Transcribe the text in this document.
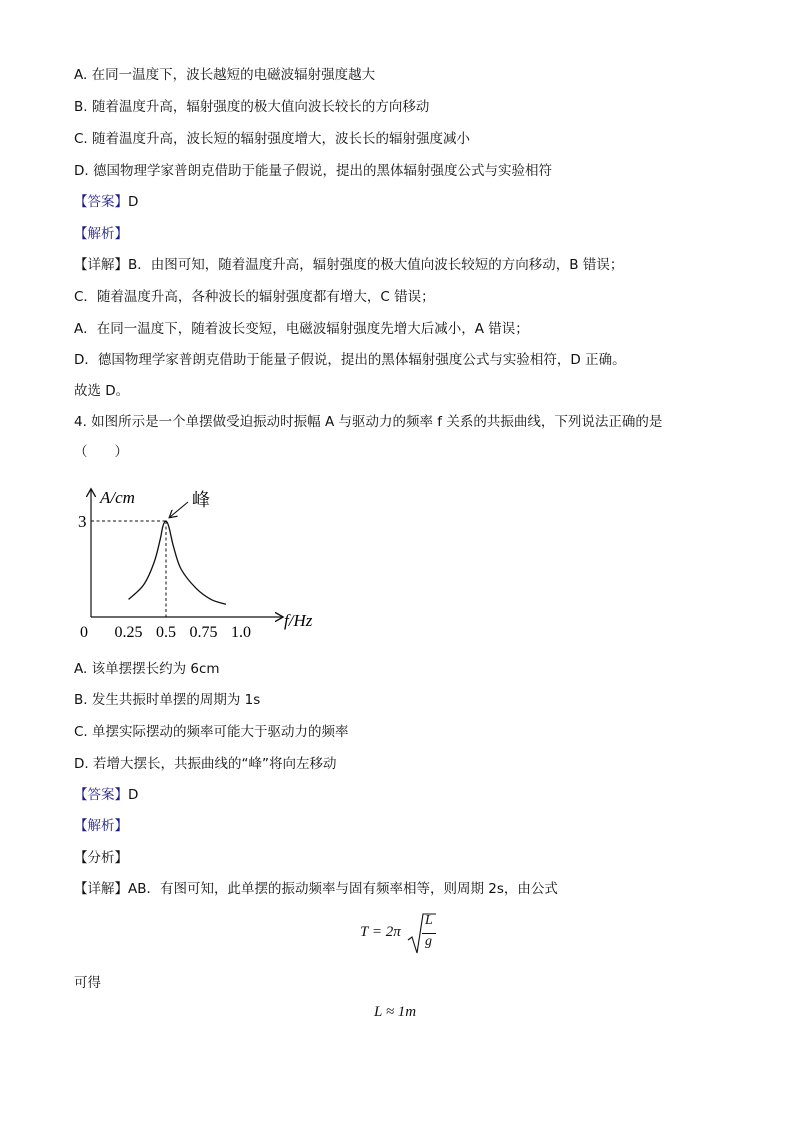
A. 在同一温度下，波长越短的电磁波辐射强度越大
B. 随着温度升高，辐射强度的极大值向波长较长的方向移动
C. 随着温度升高，波长短的辐射强度增大，波长长的辐射强度减小
D. 德国物理学家普朗克借助于能量子假说，提出的黑体辐射强度公式与实验相符
【答案】D
【解析】
【详解】B．由图可知，随着温度升高，辐射强度的极大值向波长较短的方向移动，B 错误；
C．随着温度升高，各种波长的辐射强度都有增大，C 错误；
A．在同一温度下，随着波长变短，电磁波辐射强度先增大后减小，A 错误；
D．德国物理学家普朗克借助于能量子假说，提出的黑体辐射强度公式与实验相符，D 正确。
故选 D。
4. 如图所示是一个单摆做受迫振动时振幅 A 与驱动力的频率 f 关系的共振曲线，下列说法正确的是
（　　）
A/cm
f/Hz
0
3
0.25 0.5 0.75 1.0
峰
A. 该单摆摆长约为 6cm
B. 发生共振时单摆的周期为 1s
C. 单摆实际摆动的频率可能大于驱动力的频率
D. 若增大摆长，共振曲线的“峰”将向左移动
【答案】D
【解析】
【分析】
【详解】AB．有图可知，此单摆的振动频率与固有频率相等，则周期 2s，由公式
T = 2π
L
g
可得
L ≈ 1m
